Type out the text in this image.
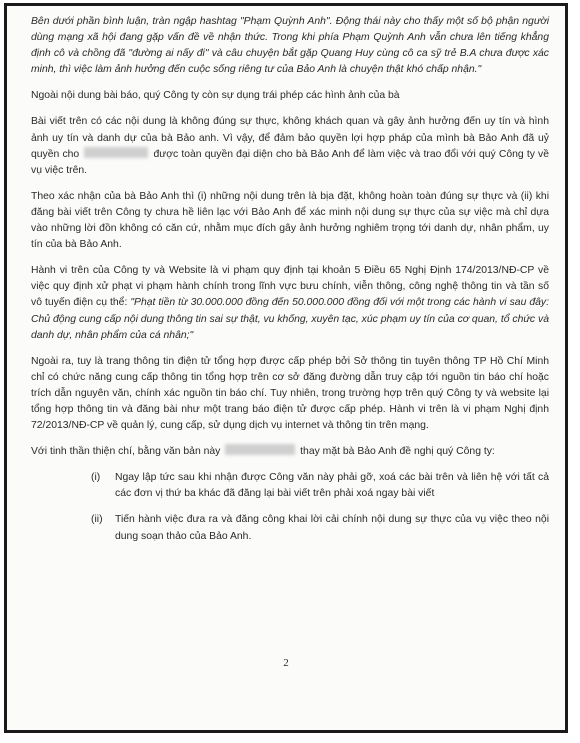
Bên dưới phần bình luận, tràn ngập hashtag "Phạm Quỳnh Anh". Động thái này cho thấy một số bộ phận người dùng mạng xã hội đang gặp vấn đề về nhận thức. Trong khi phía Phạm Quỳnh Anh vẫn chưa lên tiếng khẳng định cô và chồng đã "đường ai nấy đi" và câu chuyện bắt gặp Quang Huy cùng cô ca sỹ trẻ B.A chưa được xác minh, thì việc làm ảnh hưởng đến cuộc sống riêng tư của Bảo Anh là chuyện thật khó chấp nhận."

Ngoài nội dung bài báo, quý Công ty còn sự dụng trái phép các hình ảnh của bà

Bài viết trên có các nội dung là không đúng sự thực, không khách quan và gây ảnh hưởng đến uy tín và hình ảnh uy tín và danh dự của bà Bảo anh. Vì vậy, để đảm bảo quyền lợi hợp pháp của mình bà Bảo Anh đã uỷ quyền cho	được toàn quyền đại diện cho bà Bảo Anh để làm việc và trao đổi với quý Công ty về vụ việc trên.

Theo xác nhận của bà Bảo Anh thì (i) những nội dung trên là bịa đặt, không hoàn toàn đúng sự thực và (ii) khi đăng bài viết trên Công ty chưa hề liên lạc với Bảo Anh để xác minh nội dung sự thực của sự việc mà chỉ dựa vào những lời đồn không có căn cứ, nhằm mục đích gây ảnh hưởng nghiêm trọng tới danh dự, nhân phẩm, uy tín của bà Bảo Anh.

Hành vi trên của Công ty và Website là vi phạm quy định tại khoản 5 Điều 65 Nghị Định 174/2013/NĐ-CP về việc quy định xử phạt vi phạm hành chính trong lĩnh vực bưu chính, viễn thông, công nghệ thông tin và tần số vô tuyến điện cụ thể: "Phạt tiền từ 30.000.000 đồng đến 50.000.000 đồng đối với một trong các hành vi sau đây: Chủ động cung cấp nội dung thông tin sai sự thật, vu khống, xuyên tạc, xúc phạm uy tín của cơ quan, tổ chức và danh dự, nhân phẩm của cá nhân;"

Ngoài ra, tuy là trang thông tin điện tử tổng hợp được cấp phép bởi Sở thông tin tuyên thông TP Hồ Chí Minh chỉ có chức năng cung cấp thông tin tổng hợp trên cơ sở đăng đường dẫn truy cập tới nguồn tin báo chí hoặc trích dẫn nguyên văn, chính xác nguồn tin báo chí. Tuy nhiên, trong trường hợp trên quý Công ty và website lại tổng hợp thông tin và đăng bài như một trang báo điện tử được cấp phép. Hành vi trên là vi phạm Nghị định 72/2013/NĐ-CP về quản lý, cung cấp, sử dụng dịch vụ internet và thông tin trên mạng.

Với tinh thần thiện chí, bằng văn bản này	thay mặt bà Bảo Anh đề nghị quý Công ty:

(i) Ngay lập tức sau khi nhận được Công văn này phải gỡ, xoá các bài trên và liên hệ với tất cả các đơn vị thứ ba khác đã đăng lại bài viết trên phải xoá ngay bài viết
(ii) Tiến hành việc đưa ra và đăng công khai lời cải chính nội dung sự thực của vụ việc theo nội dung soạn thảo của Bảo Anh.
2
